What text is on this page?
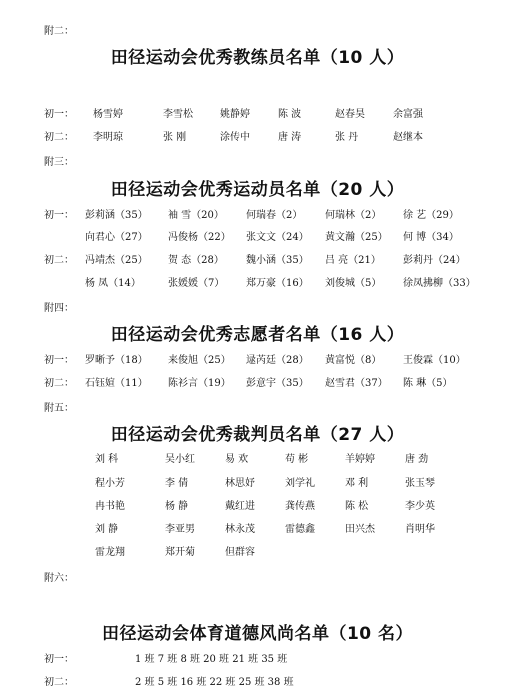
附二：
田径运动会优秀教练员名单（10 人）
初一： 杨雪婷	李雪松	姚静婷	陈 波	赵春昊	余富强
初二： 李明琼	张 刚	涂传中	唐 涛	张 丹	赵继本
附三：
田径运动会优秀运动员名单（20 人）
初一： 彭莉涵（35） 袖 雪（20） 何瑞春（2） 何瑞林（2） 徐 艺（29）
向君心（27） 冯俊杨（22） 张文文（24） 黄文瀚（25） 何 博（34）
初二： 冯靖杰（25） 贺 态（28） 魏小涵（35） 吕 亮（21） 彭莉丹（24）
杨 凤（14）	张媛媛（7） 郑万豪（16） 刘俊城（5） 徐凤拂柳（33）
附四：
田径运动会优秀志愿者名单（16 人）
初一： 罗晰予（18） 来俊旭（25） 逯芮廷（28） 黄富悦（8） 王俊霖（10）
初二： 石钰媗（11） 陈衫言（19） 彭意宇（35） 赵雪君（37） 陈 琳（5）
附五：
田径运动会优秀裁判员名单（27 人）
刘 科	吴小红	易 欢	苟 彬	羊婷婷	唐 劲
程小芳	李 倩	林思妤	刘学礼	邓 利	张玉琴
冉书艳	杨 静	戴红进	龚传燕	陈 松	李少英
刘 静	李亚男	林永茂	雷德鑫	田兴杰	肖明华
雷龙翔	郑开菊	但群容
附六：
田径运动会体育道德风尚名单（10 名）
初一：	1 班 7 班 8 班 20 班 21 班 35 班
初二：	2 班 5 班 16 班 22 班 25 班 38 班
